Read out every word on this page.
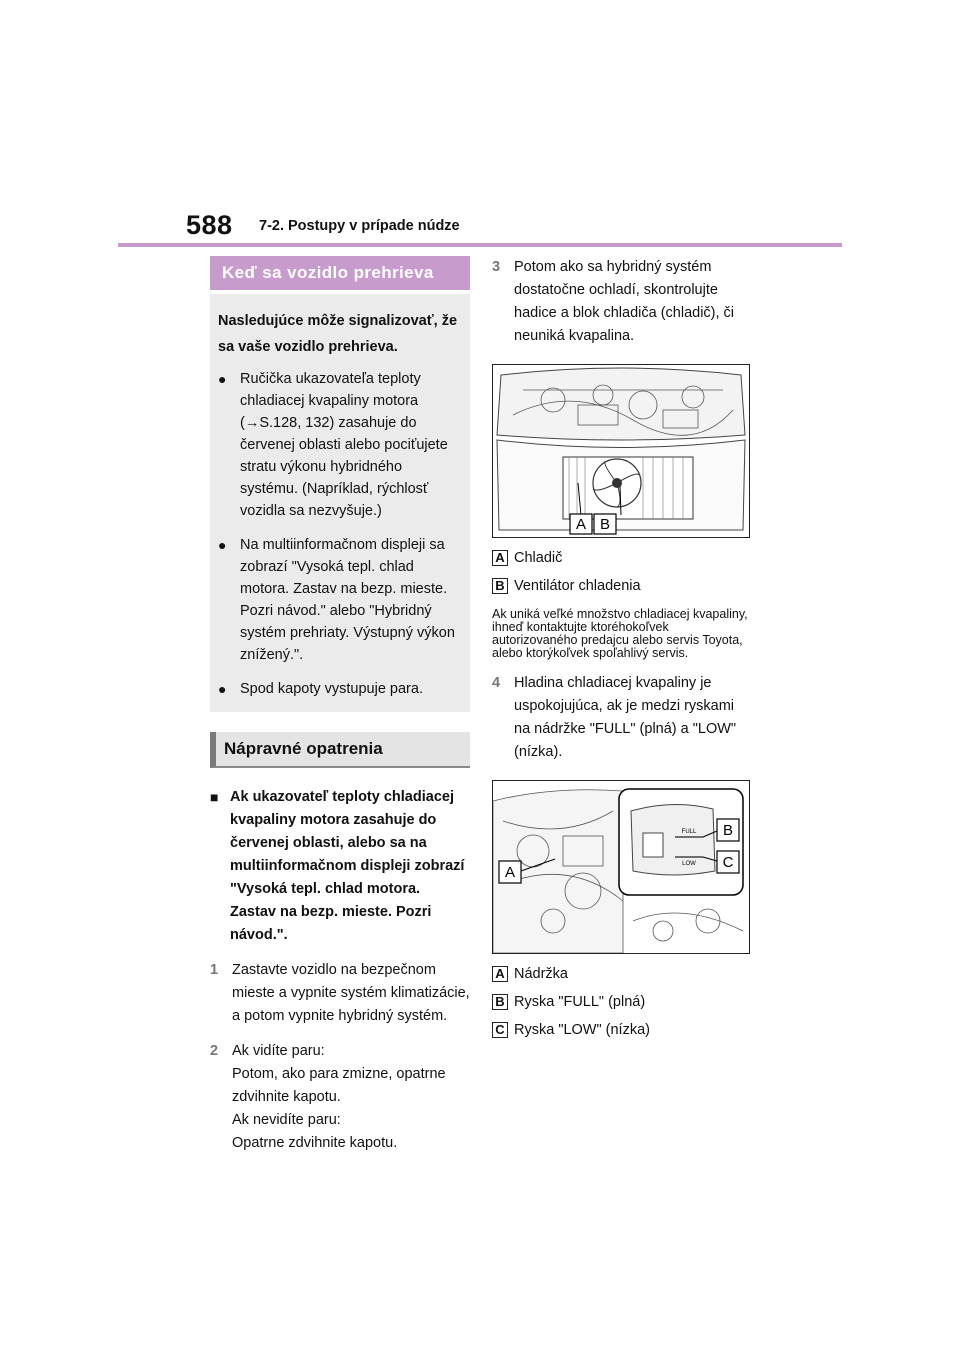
588 7-2. Postupy v prípade núdze
Keď sa vozidlo prehrieva
Nasledujúce môže signalizovať, že sa vaše vozidlo prehrieva.
● Ručička ukazovateľa teploty chladiacej kvapaliny motora (→S.128, 132) zasahuje do červenej oblasti alebo pociťujete stratu výkonu hybridného systému. (Napríklad, rýchlosť vozidla sa nezvyšuje.)
● Na multiinformačnom displeji sa zobrazí "Vysoká tepl. chlad motora. Zastav na bezp. mieste. Pozri návod." alebo "Hybridný systém prehriaty. Výstupný výkon znížený.".
● Spod kapoty vystupuje para.
Nápravné opatrenia
■ Ak ukazovateľ teploty chladiacej kvapaliny motora zasahuje do červenej oblasti, alebo sa na multiinformačnom displeji zobrazí "Vysoká tepl. chlad motora. Zastav na bezp. mieste. Pozri návod.".
1 Zastavte vozidlo na bezpečnom mieste a vypnite systém klimatizácie, a potom vypnite hybridný systém.
2 Ak vidíte paru:
Potom, ako para zmizne, opatrne zdvihnite kapotu.
Ak nevidíte paru:
Opatrne zdvihnite kapotu.
3 Potom ako sa hybridný systém dostatočne ochladí, skontrolujte hadice a blok chladiča (chladič), či neuniká kvapalina.
A B
A Chladič
B Ventilátor chladenia
Ak uniká veľké množstvo chladiacej kvapaliny, ihneď kontaktujte ktoréhokoľvek autorizovaného predajcu alebo servis Toyota, alebo ktorýkoľvek spoľahlivý servis.
4 Hladina chladiacej kvapaliny je uspokojujúca, ak je medzi ryskami na nádržke "FULL" (plná) a "LOW" (nízka).
FULL
LOW
B
C
A
A Nádržka
B Ryska "FULL" (plná)
C Ryska "LOW" (nízka)
